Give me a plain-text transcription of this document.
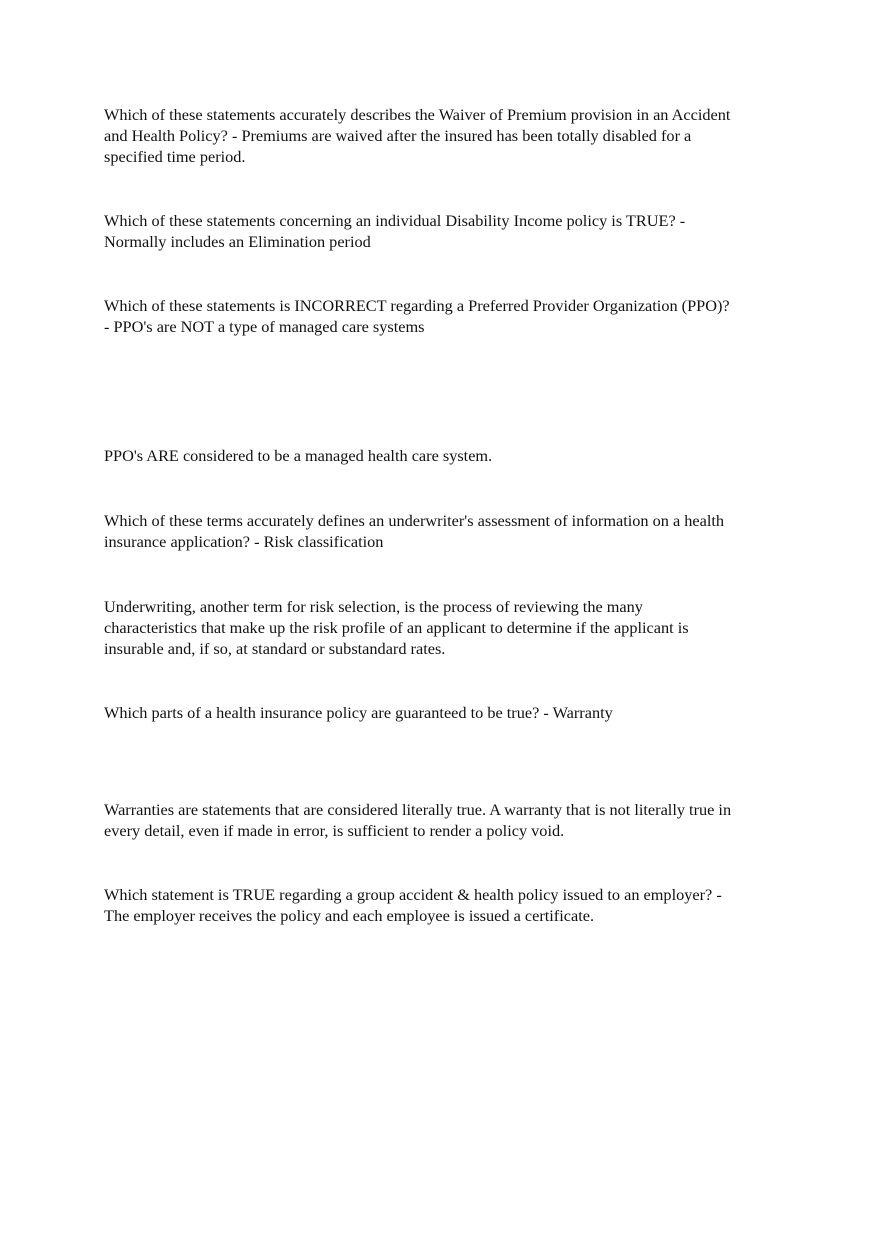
Which of these statements accurately describes the Waiver of Premium provision in an Accident
and Health Policy? - Premiums are waived after the insured has been totally disabled for a
specified time period.

Which of these statements concerning an individual Disability Income policy is TRUE? -
Normally includes an Elimination period

Which of these statements is INCORRECT regarding a Preferred Provider Organization (PPO)?
- PPO's are NOT a type of managed care systems

PPO's ARE considered to be a managed health care system.

Which of these terms accurately defines an underwriter's assessment of information on a health
insurance application? - Risk classification

Underwriting, another term for risk selection, is the process of reviewing the many
characteristics that make up the risk profile of an applicant to determine if the applicant is
insurable and, if so, at standard or substandard rates.

Which parts of a health insurance policy are guaranteed to be true? - Warranty

Warranties are statements that are considered literally true. A warranty that is not literally true in
every detail, even if made in error, is sufficient to render a policy void.

Which statement is TRUE regarding a group accident & health policy issued to an employer? -
The employer receives the policy and each employee is issued a certificate.
